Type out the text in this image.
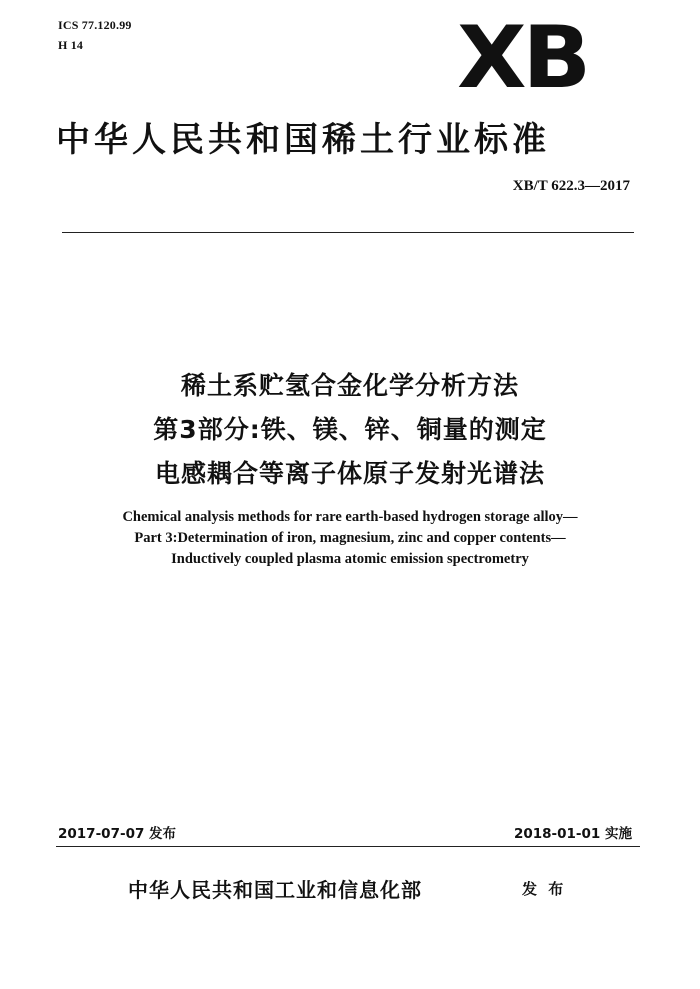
ICS 77.120.99
H 14	XB
中华人民共和国稀土行业标准
XB/T 622.3—2017
稀土系贮氢合金化学分析方法
第3部分:铁、镁、锌、铜量的测定
电感耦合等离子体原子发射光谱法
Chemical analysis methods for rare earth-based hydrogen storage alloy—
Part 3:Determination of iron, magnesium, zinc and copper contents—
Inductively coupled plasma atomic emission spectrometry
2017-07-07 发布	2018-01-01 实施
中华人民共和国工业和信息化部	发 布
